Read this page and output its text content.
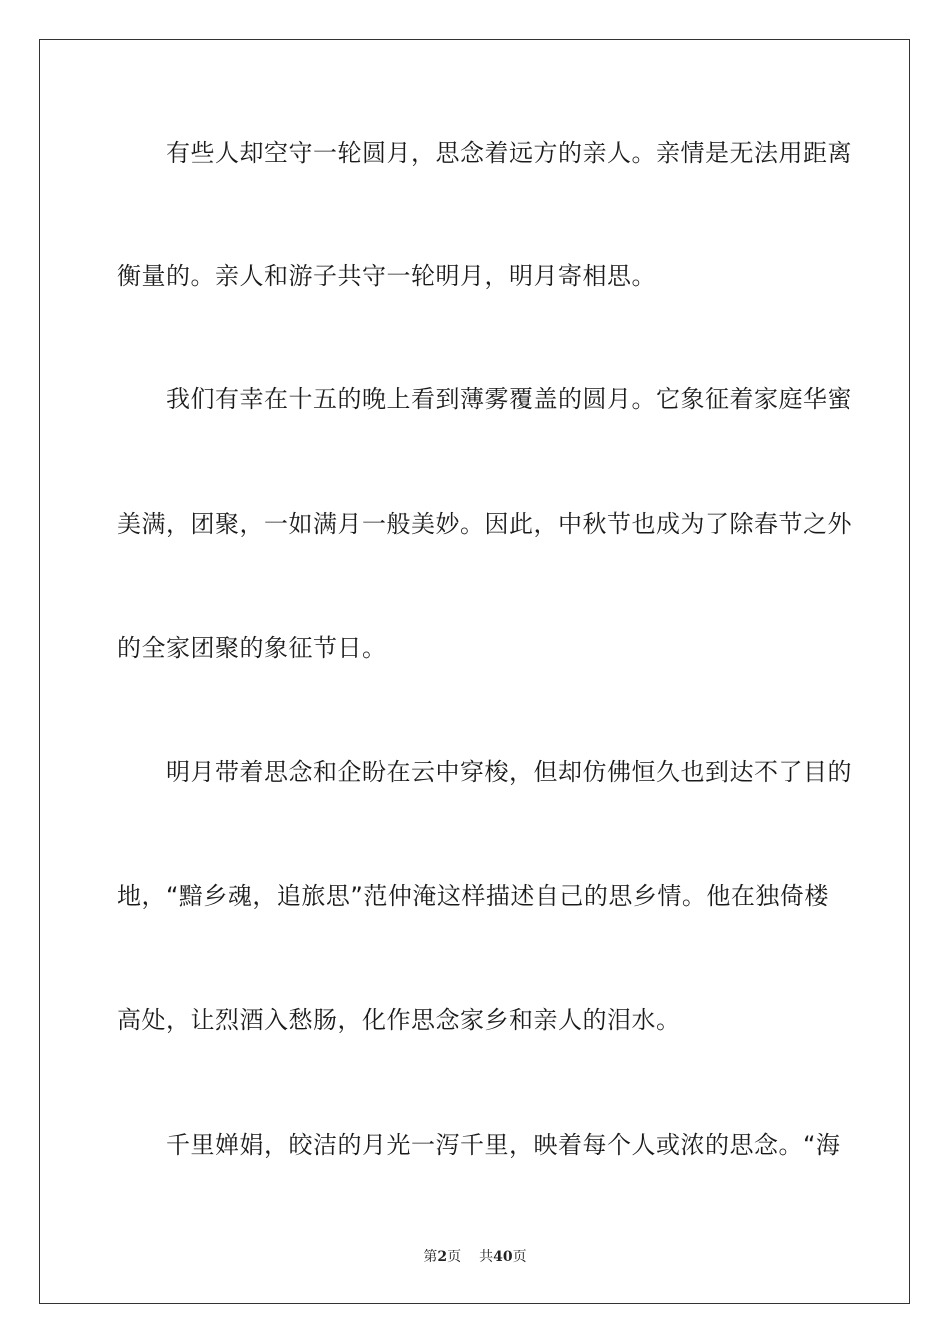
　　有些人却空守一轮圆月，思念着远方的亲人。亲情是无法用距离
衡量的。亲人和游子共守一轮明月，明月寄相思。
　　我们有幸在十五的晚上看到薄雾覆盖的圆月。它象征着家庭华蜜
美满，团聚，一如满月一般美妙。因此，中秋节也成为了除春节之外
的全家团聚的象征节日。
　　明月带着思念和企盼在云中穿梭，但却仿佛恒久也到达不了目的
地，“黯乡魂，追旅思”范仲淹这样描述自己的思乡情。他在独倚楼
高处，让烈酒入愁肠，化作思念家乡和亲人的泪水。
　　千里婵娟，皎洁的月光一泻千里，映着每个人或浓的思念。“海
第2页 共40页
